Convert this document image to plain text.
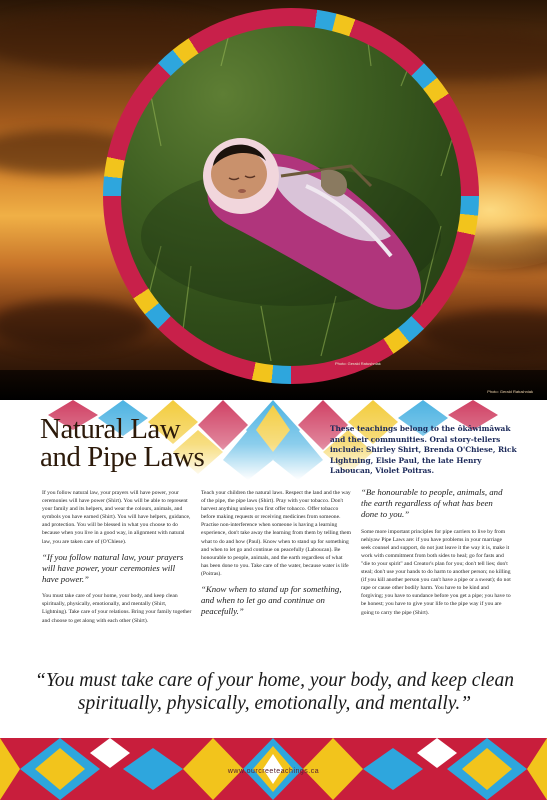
Photo: Gerald Ratushniak
Photo: Gerald Ratushniak
Natural Law
and Pipe Laws
These teachings belong to the ôkâwimâwak and their communities. Oral story-tellers include: Shirley Shirt, Brenda O'Chiese, Rick Lightning, Elsie Paul, the late Henry Laboucan, Violet Poitras.

If you follow natural law, your prayers will have power, your ceremonies will have power (Shirt). You will be able to represent your family and its helpers, and wear the colours, animals, and symbols you have earned (Shirt). You will have helpers, guidance, and protection. You will be blessed in what you choose to do because when you live in a good way, in alignment with natural law, you are taken care of (O'Chiese).

“If you follow natural law, your prayers will have power, your ceremonies will have power.”

You must take care of your home, your body, and keep clean spiritually, physically, emotionally, and mentally (Shirt, Lightning). Take care of your relations. Bring your family together and choose to get along with each other (Shirt).

Teach your children the natural laws. Respect the land and the way of the pipe, the pipe laws (Shirt). Pray with your tobacco. Don't harvest anything unless you first offer tobacco. Offer tobacco before making requests or receiving medicines from someone. Practise non-interference when someone is having a learning experience, don't take away the learning from them by telling them what to do and how (Paul). Know when to stand up for something and when to let go and continue on peacefully (Laboucan). Be honourable to people, animals, and the earth regardless of what has been done to you. Take care of the water, because water is life (Poitras).

“Know when to stand up for something, and when to let go and continue on peacefully.”
“Be honourable to people, animals, and the earth regardless of what has been done to you.”

Some more important principles for pipe carriers to live by from nehiyaw Pipe Laws are: if you have problems in your marriage seek counsel and support, do not just leave it the way it is, make it work with commitment from both sides to heal; go for fasts and "die to your spirit" and Creator's plan for you; don't tell lies; don't steal; don't use your hands to do harm to another person; no killing (if you kill another person you can't have a pipe or a sweat); do not rape or cause other bodily harm. You have to be kind and forgiving; you have to sundance before you get a pipe; you have to be honest; you have to give your life to the pipe way if you are going to carry the pipe (Shirt).

“You must take care of your home, your body, and keep clean spiritually, physically, emotionally, and mentally.”
www.ourcreeteachings.ca
